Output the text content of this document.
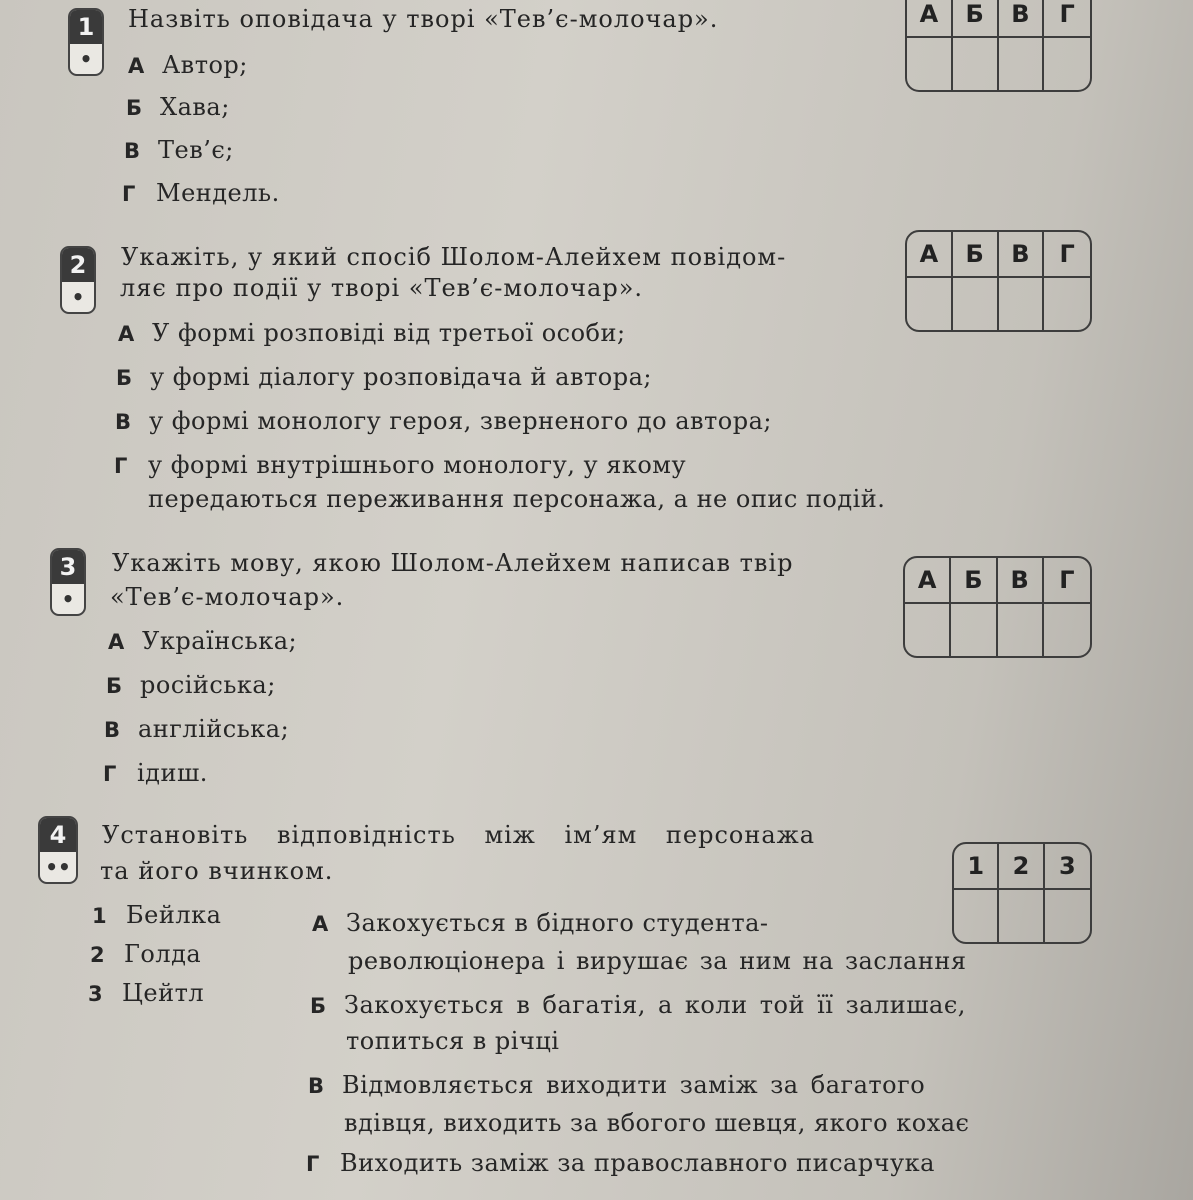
1
•
Назвіть оповідача у творі «Тев’є-молочар».
А Автор;
Б Хава;
В Тев’є;
Г Мендель.
А	Б	В	Г
2
•
Укажіть, у який спосіб Шолом-Алейхем повідом-
ляє про події у творі «Тев’є-молочар».
А У формі розповіді від третьої особи;
Б у формі діалогу розповідача й автора;
В у формі монологу героя, зверненого до автора;
Г у формі внутрішнього монологу, у якому
передаються переживання персонажа, а не опис подій.
А	Б	В	Г
3
•
Укажіть мову, якою Шолом-Алейхем написав твір
«Тев’є-молочар».
А Українська;
Б російська;
В англійська;
Г ідиш.
А	Б	В	Г
4
••
Установіть відповідність між ім’ям персонажа
та його вчинком.
1 Бейлка
2 Голда
3 Цейтл
А Закохується в бідного студента-
революціонера і вирушає за ним на заслання
Б Закохується в багатія, а коли той її залишає,
топиться в річці
В Відмовляється виходити заміж за багатого
вдівця, виходить за вбогого шевця, якого кохає
Г Виходить заміж за православного писарчука
1	2	3
